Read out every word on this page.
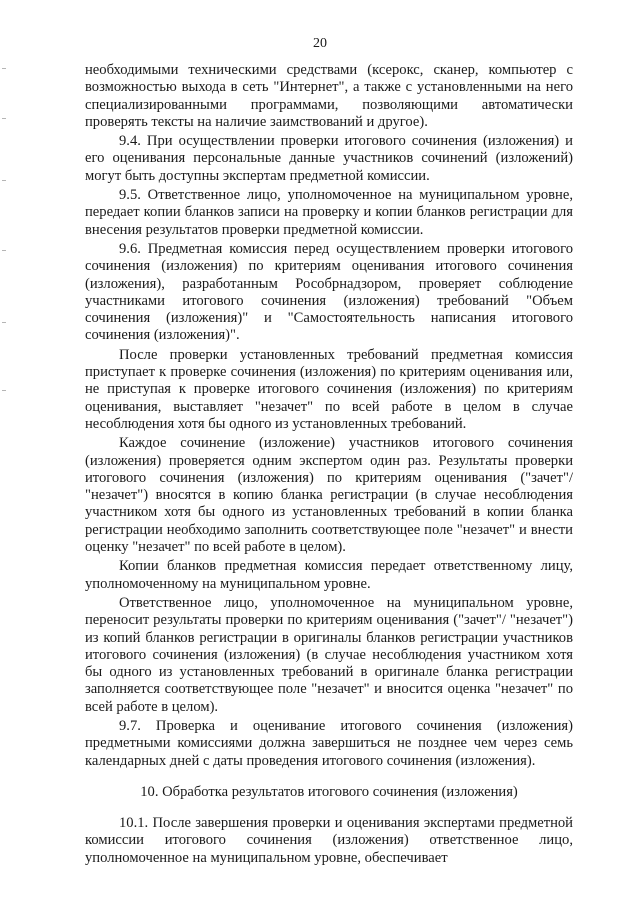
20

необходимыми техническими средствами (ксерокс, сканер, компьютер с возможностью выхода в сеть "Интернет", а также с установленными на него специализированными программами, позволяющими автоматически проверять тексты на наличие заимствований и другое).

9.4. При осуществлении проверки итогового сочинения (изложения) и его оценивания персональные данные участников сочинений (изложений) могут быть доступны экспертам предметной комиссии.

9.5. Ответственное лицо, уполномоченное на муниципальном уровне, передает копии бланков записи на проверку и копии бланков регистрации для внесения результатов проверки предметной комиссии.

9.6. Предметная комиссия перед осуществлением проверки итогового сочинения (изложения) по критериям оценивания итогового сочинения (изложения), разработанным Рособрнадзором, проверяет соблюдение участниками итогового сочинения (изложения) требований "Объем сочинения (изложения)" и "Самостоятельность написания итогового сочинения (изложения)".

После проверки установленных требований предметная комиссия приступает к проверке сочинения (изложения) по критериям оценивания или, не приступая к проверке итогового сочинения (изложения) по критериям оценивания, выставляет "незачет" по всей работе в целом в случае несоблюдения хотя бы одного из установленных требований.

Каждое сочинение (изложение) участников итогового сочинения (изложения) проверяется одним экспертом один раз. Результаты проверки итогового сочинения (изложения) по критериям оценивания ("зачет"/ "незачет") вносятся в копию бланка регистрации (в случае несоблюдения участником хотя бы одного из установленных требований в копии бланка регистрации необходимо заполнить соответствующее поле "незачет" и внести оценку "незачет" по всей работе в целом).

Копии бланков предметная комиссия передает ответственному лицу, уполномоченному на муниципальном уровне.

Ответственное лицо, уполномоченное на муниципальном уровне, переносит результаты проверки по критериям оценивания ("зачет"/ "незачет") из копий бланков регистрации в оригиналы бланков регистрации участников итогового сочинения (изложения) (в случае несоблюдения участником хотя бы одного из установленных требований в оригинале бланка регистрации заполняется соответствующее поле "незачет" и вносится оценка "незачет" по всей работе в целом).

9.7. Проверка и оценивание итогового сочинения (изложения) предметными комиссиями должна завершиться не позднее чем через семь календарных дней с даты проведения итогового сочинения (изложения).

10. Обработка результатов итогового сочинения (изложения)

10.1. После завершения проверки и оценивания экспертами предметной комиссии итогового сочинения (изложения) ответственное лицо, уполномоченное на муниципальном уровне, обеспечивает
